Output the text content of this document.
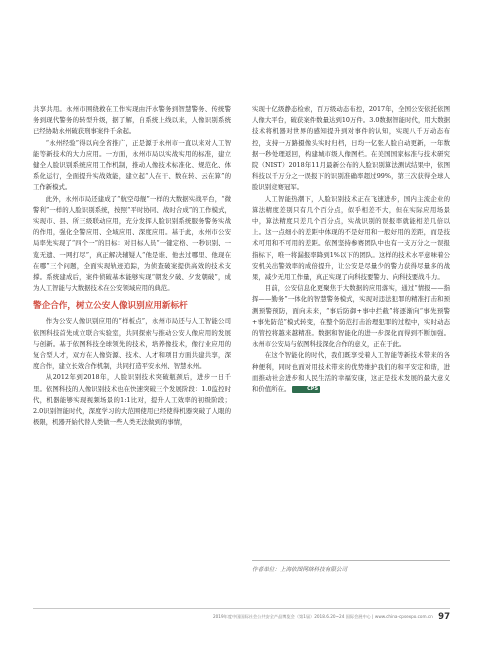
共享共用。永州市围绕救在工作实现由汗水警务到智慧警务、传统警务到现代警务的转型升级，据了解，自系统上线以来，人像识别系统已经协助永州破获刑事案件千余起。

“永州经验”得以向全省推广，正是源于永州市一直以来对人工智能等新技术的大力应用。一方面，永州市局以实战实用的标准，建立健全人脸识别系统应用工作机制，推动人像技术标准化、规范化、体系化运行，全面提升实战效能，建立起“人在干、数在转、云在算”的工作新模式。

此外，永州市局还建成了“航空母舰”一样的大数据实战平台，“微警利”一样的人脸识别系统，按照“平时协同、战时合成”的工作模式，实现市、县、所三级联动应用，充分发挥人脸识别系统服务警务实战的作用，强化全警应用、全域应用、深度应用。基于此，永州市公安局率先实现了“四个一”的目标：对目标人员“一键定格、一秒识别、一览无遗、一网打尽”，真正解决辅疑人“他是谁、他去过哪里、他现在在哪”三个问题，全面实现轨迹追踪，为侦查破案提供高效的技术支撑。系统建成后，案件侦破基本能够实现“朝发夕破、夕发朝破”，成为人工智能与大数据技术在公安领域应用的典范。

警企合作，树立公安人像识别应用新标杆

作为公安人像识别应用的“样板点”，永州市局还与人工智能公司依图科技首先成立联合实验室，共同探索与推动公安人像应用的发展与创新。基于依图科技全球领先的技术，培养像技术，像行业应用的复合型人才，双方在人像资源、技术、人才和项目方面共建共享，深度合作，建立长效合作机制，共同打造平安永州、智慧永州。

从2012年到2018年，人脸识别技术突破瓶颈后，进步一日千里。依图科技的人像识别技术也在快速突破三个发展阶段：1.0监控时代，机器能够实现视频场景的1:1比对，提升人工效率的初级阶段；2.0识别智能时代，深度学习的大范围使用已经使得机器突破了人眼的极限，机器开始代替人类做一些人类无法做到的事情，

实现十亿级静态检索，百万级动态布控，2017年，全国公安依托依图人像大平台，破获案件数量达到10万件。3.0数据智能时代，用大数据技术将机器对世界的感知提升到对事件的认知，实现八千万动态布控，支持一万路摄像头实时归档，日均一亿张人脸自动更新，一年数据一秒处理返回，构建城市级人像图栏。在美国国家标准与技术研究院（NIST）2018年11月最新公布的人脸识别算法测试结果中，依图科技以千万分之一误报下的识别准确率超过99%，第三次获得全球人脸识别竞赛冠军。

人工智能热潮下，人脸识别技术正在飞速进步，国内主流企业的算法精度差别只有几个百分点，似乎相差不大，但在实际应用场景中，算法精度只差几个百分点，实战识别的误报率就能相差几倍以上。这一点细小的差距中体现的不是好用和一般好用的差距，而是技术可用和不可用的差距。依图坚持参赛团队中也有一支万分之一误报指标下，唯一将漏报率降到1%以下的团队。这样的技术水平意味着公安机关出警效率的成倍提升，让公安是尽量少的警力获得尽量多的战果，减少无用工作量，真正实现了向科技要警力、向科技要战斗力。

目前，公安信息化更聚焦于大数据的应用落实，通过“情报——指挥——勤务”一体化的智慧警务模式，实现对违法犯罪的精准打击和预测预警预防，面向未来，“事后防御+事中拦截”将逐渐向“事先预警+事先防范”模式转变，在整个防范打击治理犯罪的过程中，实时动态的管控将越来越精准。数据和智能化的进一步深化而得到不断加强。永州市公安局与依图科技深化合作的意义，正在于此。

在这个智能化的时代，我们既享受着人工智能等新技术带来的各种便利，同时也面对用技术带来的优势维护我们的和平安定和谐，进而推动社会进步和人民生活的幸福安康，这正是技术发展的最大意义和价值所在。	CPS

作者单位：上海依图网络科技有限公司
2019年度中国国际社会公共安全产品博览会（第1届）2018.6.20~24 国际会展中心 | www.china-cpsexpo.com.cn 97
